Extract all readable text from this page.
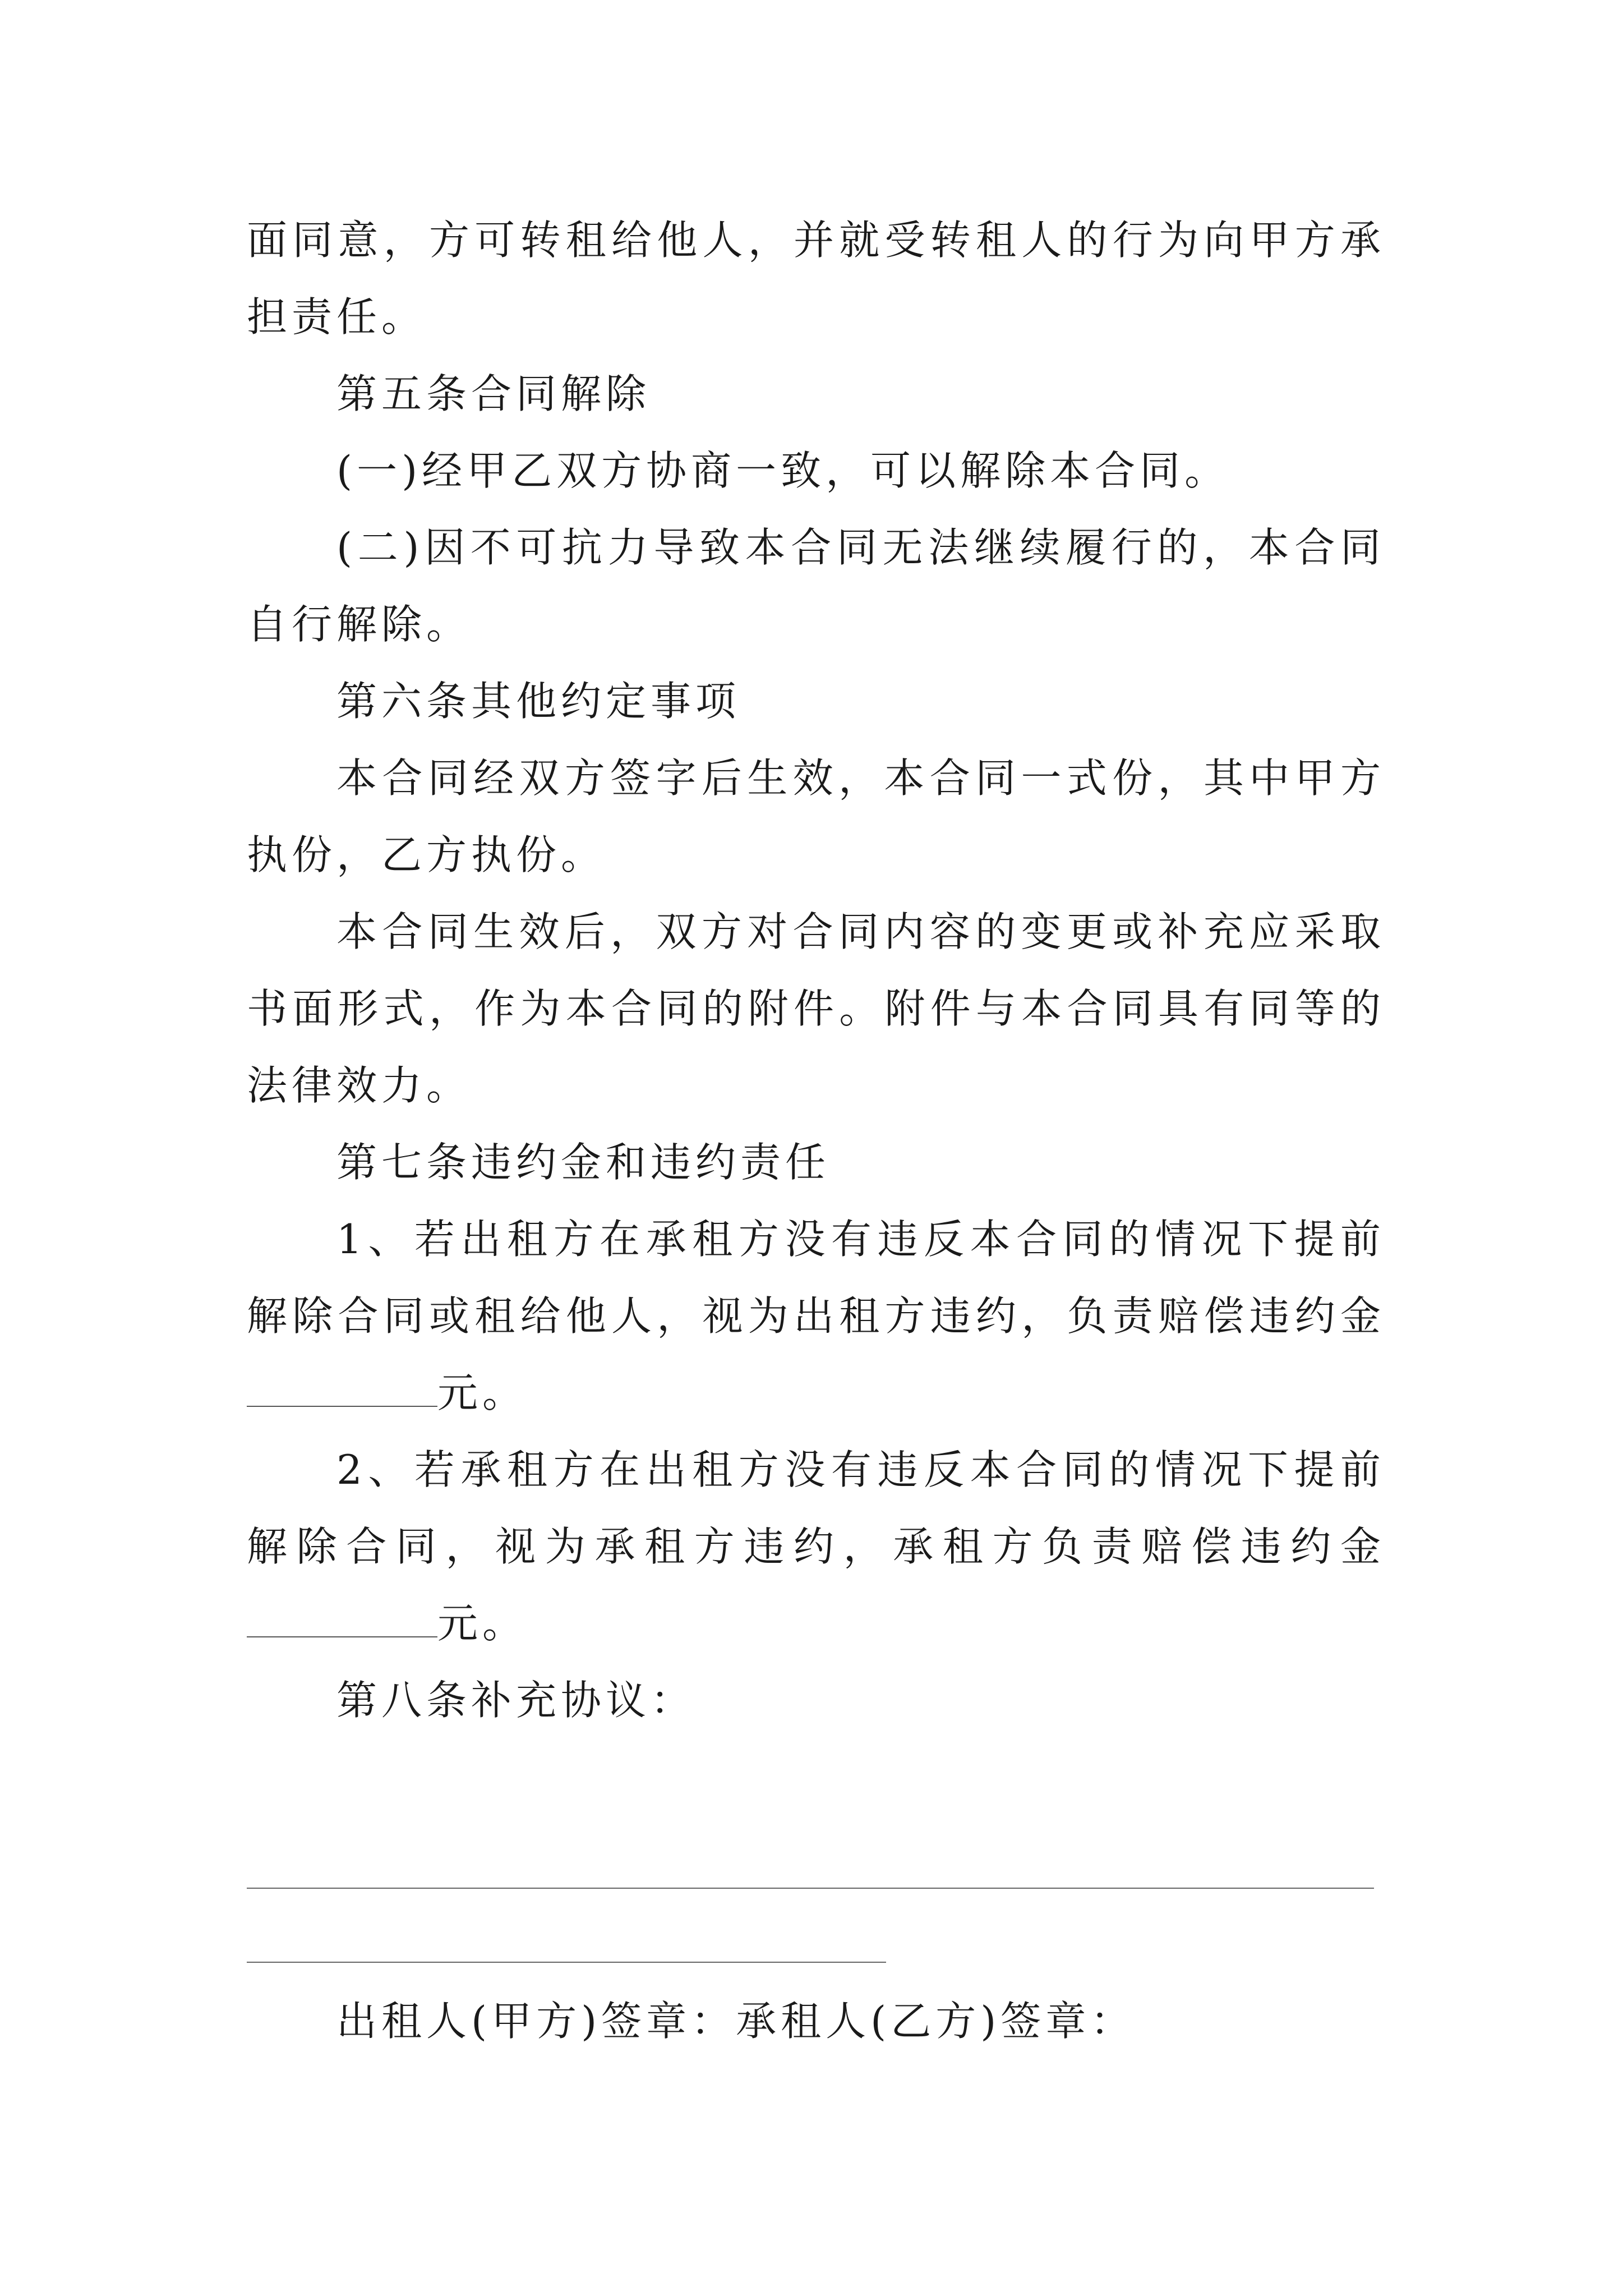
面同意，方可转租给他人，并就受转租人的行为向甲方承担责任。

第五条合同解除

(一)经甲乙双方协商一致，可以解除本合同。

(二)因不可抗力导致本合同无法继续履行的，本合同自行解除。

第六条其他约定事项

本合同经双方签字后生效，本合同一式份，其中甲方执份，乙方执份。

本合同生效后，双方对合同内容的变更或补充应采取书面形式，作为本合同的附件。附件与本合同具有同等的法律效力。

第七条违约金和违约责任

1、若出租方在承租方没有违反本合同的情况下提前解除合同或租给他人，视为出租方违约，负责赔偿违约金元。

2、若承租方在出租方没有违反本合同的情况下提前解除合同，视为承租方违约，承租方负责赔偿违约金元。

第八条补充协议：

出租人(甲方)签章：承租人(乙方)签章：
